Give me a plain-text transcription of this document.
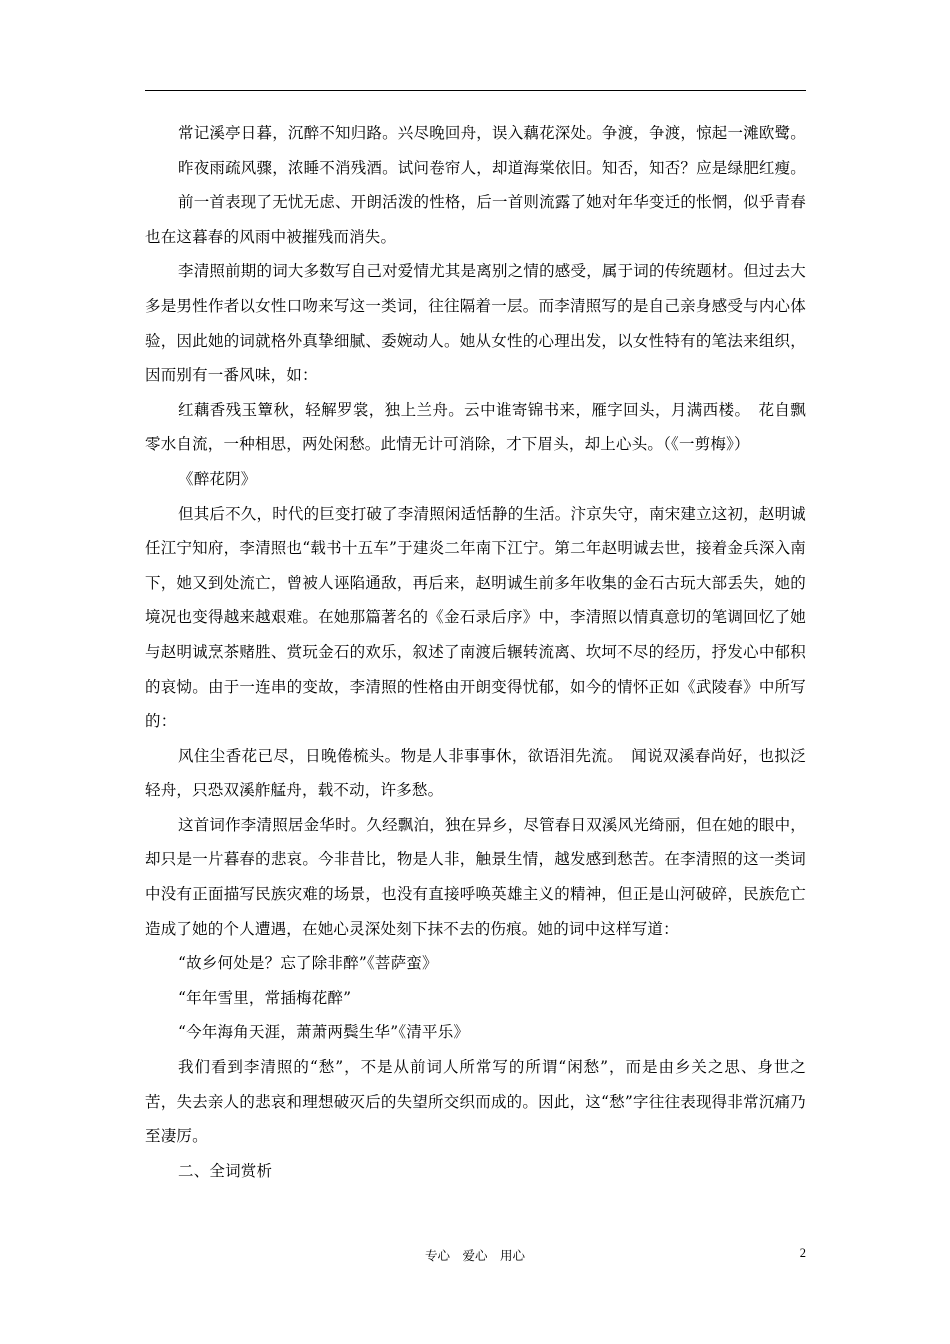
常记溪亭日暮，沉醉不知归路。兴尽晚回舟，误入藕花深处。争渡，争渡，惊起一滩欧鹭。

昨夜雨疏风骤，浓睡不消残酒。试问卷帘人，却道海棠依旧。知否，知否？应是绿肥红瘦。

前一首表现了无忧无虑、开朗活泼的性格，后一首则流露了她对年华变迁的怅惘，似乎青春也在这暮春的风雨中被摧残而消失。

李清照前期的词大多数写自己对爱情尤其是离别之情的感受，属于词的传统题材。但过去大多是男性作者以女性口吻来写这一类词，往往隔着一层。而李清照写的是自己亲身感受与内心体验，因此她的词就格外真挚细腻、委婉动人。她从女性的心理出发，以女性特有的笔法来组织，因而别有一番风味，如：

红藕香残玉簟秋，轻解罗裳，独上兰舟。云中谁寄锦书来，雁字回头，月满西楼。　花自飘零水自流，一种相思，两处闲愁。此情无计可消除，才下眉头，却上心头。（《一剪梅》）

《醉花阴》

但其后不久，时代的巨变打破了李清照闲适恬静的生活。汴京失守，南宋建立这初，赵明诚任江宁知府，李清照也“载书十五车”于建炎二年南下江宁。第二年赵明诚去世，接着金兵深入南下，她又到处流亡，曾被人诬陷通敌，再后来，赵明诚生前多年收集的金石古玩大部丢失，她的境况也变得越来越艰难。在她那篇著名的《金石录后序》中，李清照以情真意切的笔调回忆了她与赵明诚烹茶赌胜、赏玩金石的欢乐，叙述了南渡后辗转流离、坎坷不尽的经历，抒发心中郁积的哀恸。由于一连串的变故，李清照的性格由开朗变得忧郁，如今的情怀正如《武陵春》中所写的：

风住尘香花已尽，日晚倦梳头。物是人非事事休，欲语泪先流。　闻说双溪春尚好，也拟泛轻舟，只恐双溪舴艋舟，载不动，许多愁。

这首词作李清照居金华时。久经飘泊，独在异乡，尽管春日双溪风光绮丽，但在她的眼中，却只是一片暮春的悲哀。今非昔比，物是人非，触景生情，越发感到愁苦。在李清照的这一类词中没有正面描写民族灾难的场景，也没有直接呼唤英雄主义的精神，但正是山河破碎，民族危亡造成了她的个人遭遇，在她心灵深处刻下抹不去的伤痕。她的词中这样写道：

“故乡何处是？忘了除非醉”《菩萨蛮》

“年年雪里，常插梅花醉”

“今年海角天涯，萧萧两鬓生华”《清平乐》

我们看到李清照的“愁”，不是从前词人所常写的所谓“闲愁”，而是由乡关之思、身世之苦，失去亲人的悲哀和理想破灭后的失望所交织而成的。因此，这“愁”字往往表现得非常沉痛乃至凄厉。

二、全词赏析

专心　爱心　用心	2
